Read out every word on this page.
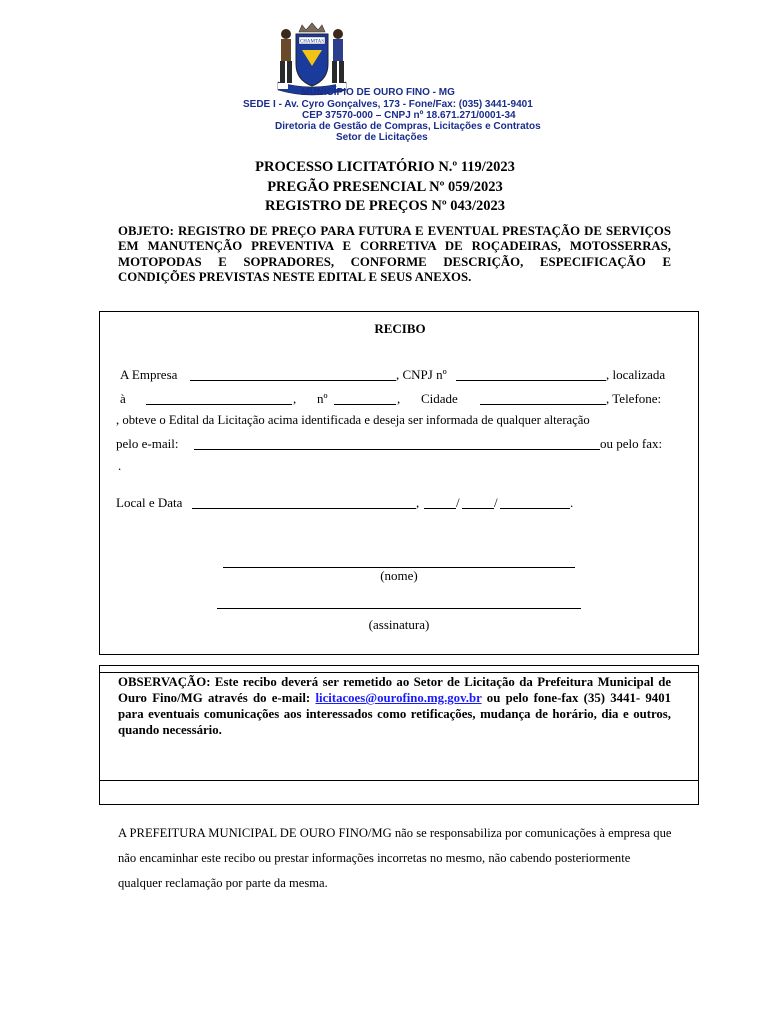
CHAMTAS
MUNICÍPIO DE OURO FINO - MG
SEDE I - Av. Cyro Gonçalves, 173 - Fone/Fax: (035) 3441-9401
CEP 37570-000 – CNPJ nº 18.671.271/0001-34
Diretoria de Gestão de Compras, Licitações e Contratos
Setor de Licitações
PROCESSO LICITATÓRIO N.º 119/2023
PREGÃO PRESENCIAL Nº 059/2023
REGISTRO DE PREÇOS Nº 043/2023
OBJETO: REGISTRO DE PREÇO PARA FUTURA E EVENTUAL PRESTAÇÃO DE SERVIÇOS EM MANUTENÇÃO PREVENTIVA E CORRETIVA DE ROÇADEIRAS, MOTOSSERRAS, MOTOPODAS E SOPRADORES, CONFORME DESCRIÇÃO, ESPECIFICAÇÃO E CONDIÇÕES PREVISTAS NESTE EDITAL E SEUS ANEXOS.
RECIBO
A Empresa	, CNPJ nº	, localizada
à	, nº	, Cidade	, Telefone:
, obteve o Edital da Licitação acima identificada e deseja ser informada de qualquer alteração
pelo e-mail:	ou pelo fax:
.
Local e Data	,	/	/	.
(nome)
(assinatura)
OBSERVAÇÃO: Este recibo deverá ser remetido ao Setor de Licitação da Prefeitura Municipal de Ouro Fino/MG através do e-mail: licitacoes@ourofino.mg.gov.br ou pelo fone-fax (35) 3441- 9401 para eventuais comunicações aos interessados como retificações, mudança de horário, dia e outros, quando necessário.
A PREFEITURA MUNICIPAL DE OURO FINO/MG não se responsabiliza por comunicações à empresa que não encaminhar este recibo ou prestar informações incorretas no mesmo, não cabendo posteriormente qualquer reclamação por parte da mesma.
